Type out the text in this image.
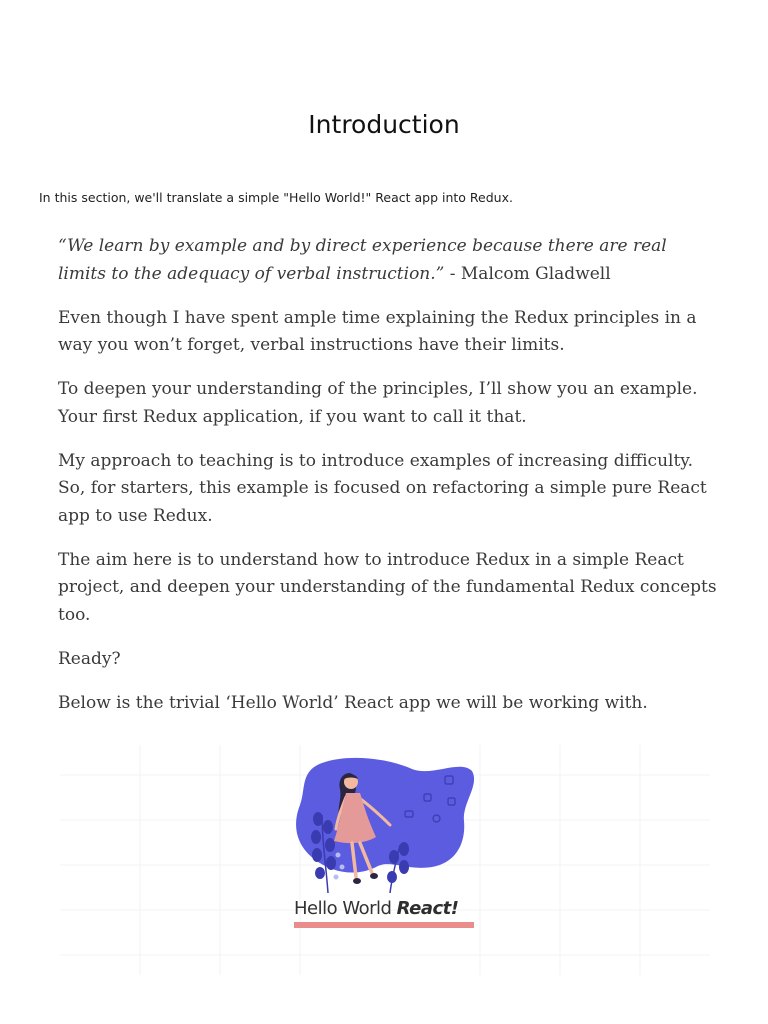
Introduction

In this section, we'll translate a simple "Hello World!" React app into Redux.

“We learn by example and by direct experience because there are real limits to the adequacy of verbal instruction.” - Malcom Gladwell

Even though I have spent ample time explaining the Redux principles in a way you won’t forget, verbal instructions have their limits.

To deepen your understanding of the principles, I’ll show you an example. Your first Redux application, if you want to call it that.

My approach to teaching is to introduce examples of increasing difficulty. So, for starters, this example is focused on refactoring a simple pure React app to use Redux.

The aim here is to understand how to introduce Redux in a simple React project, and deepen your understanding of the fundamental Redux concepts too.

Ready?

Below is the trivial ‘Hello World’ React app we will be working with.

Hello World React!
